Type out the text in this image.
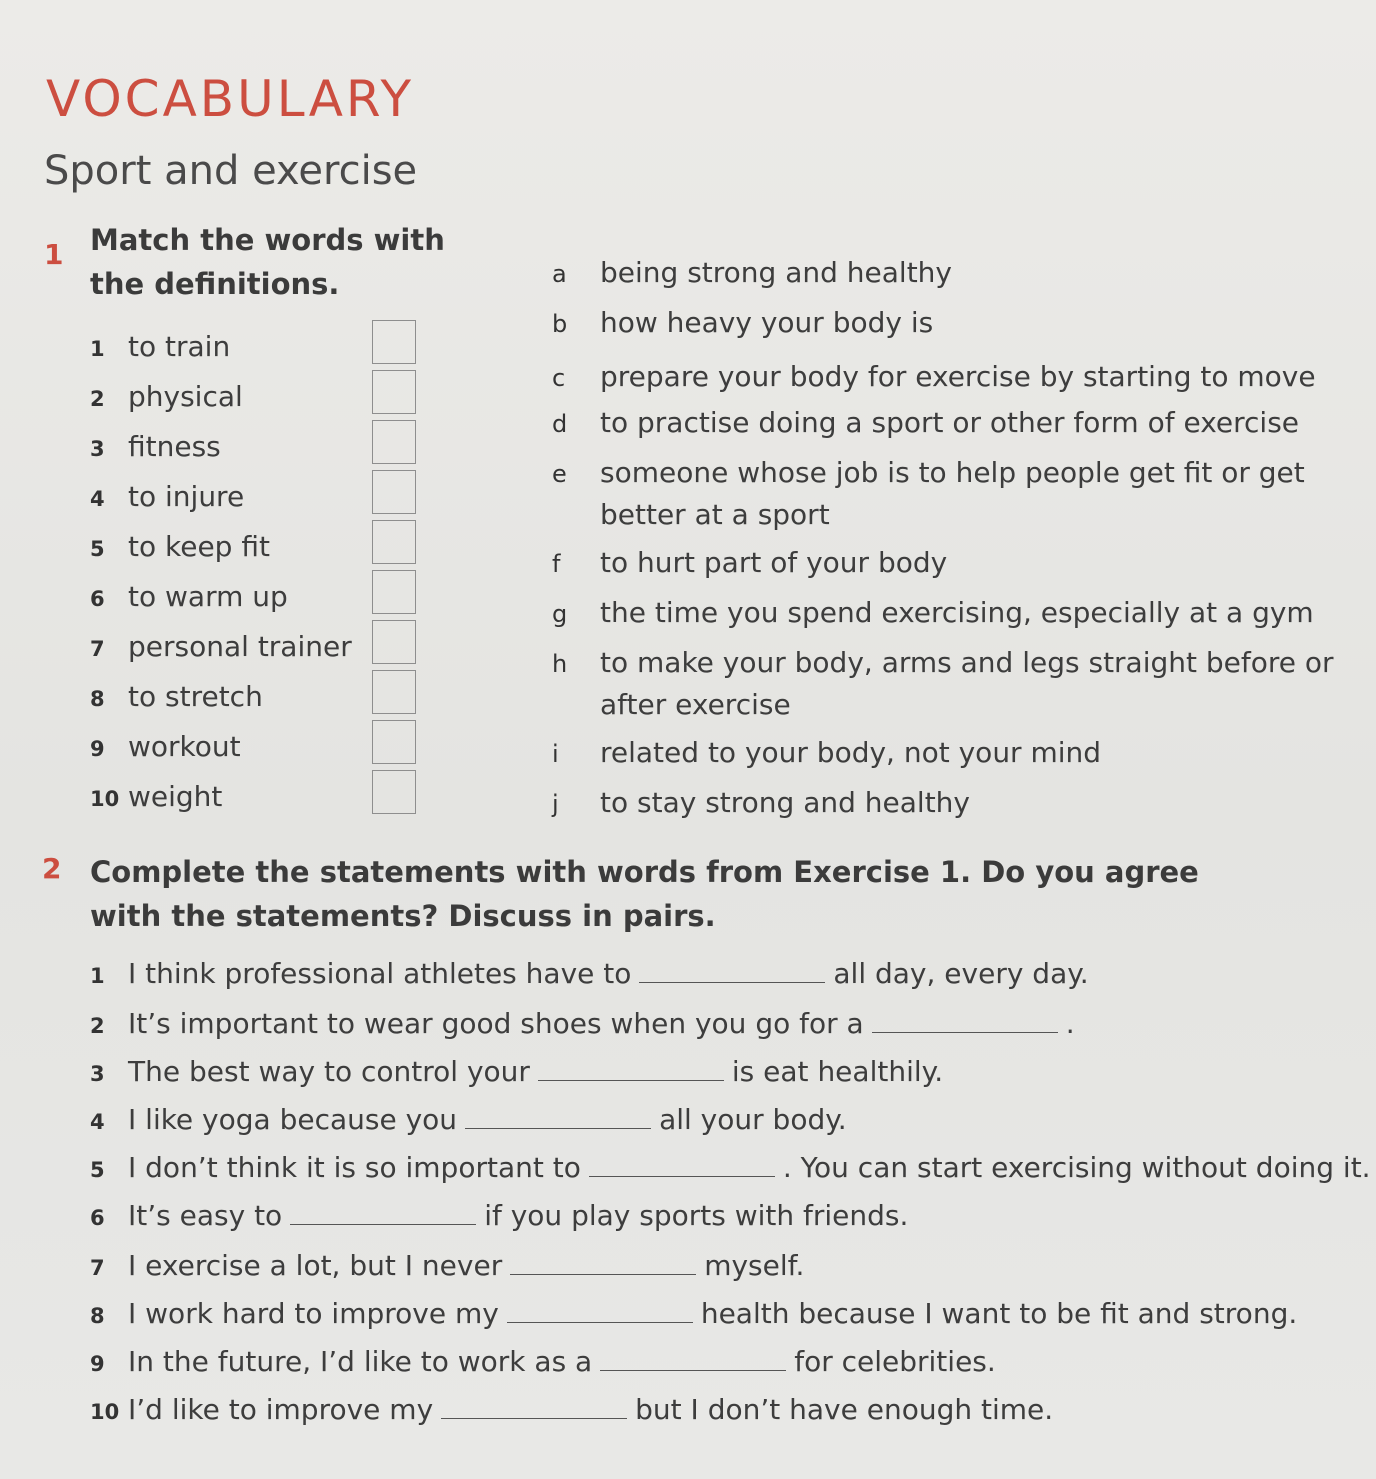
VOCABULARY
Sport and exercise
1 Match the words with the definitions.
1 to train
2 physical
3 fitness
4 to injure
5 to keep fit
6 to warm up
7 personal trainer
8 to stretch
9 workout
10 weight
a being strong and healthy
b how heavy your body is
c prepare your body for exercise by starting to move
d to practise doing a sport or other form of exercise
e someone whose job is to help people get fit or get
better at a sport
f to hurt part of your body
g the time you spend exercising, especially at a gym
h to make your body, arms and legs straight before or
after exercise
i related to your body, not your mind
j to stay strong and healthy
2 Complete the statements with words from Exercise 1. Do you agree with the statements? Discuss in pairs.
1 I think professional athletes have to	all day, every day.
2 It’s important to wear good shoes when you go for a	.
3 The best way to control your	is eat healthily.
4 I like yoga because you	all your body.
5 I don’t think it is so important to	. You can start exercising without doing it.
6 It’s easy to	if you play sports with friends.
7 I exercise a lot, but I never	myself.
8 I work hard to improve my	health because I want to be fit and strong.
9 In the future, I’d like to work as a	for celebrities.
10 I’d like to improve my	but I don’t have enough time.
